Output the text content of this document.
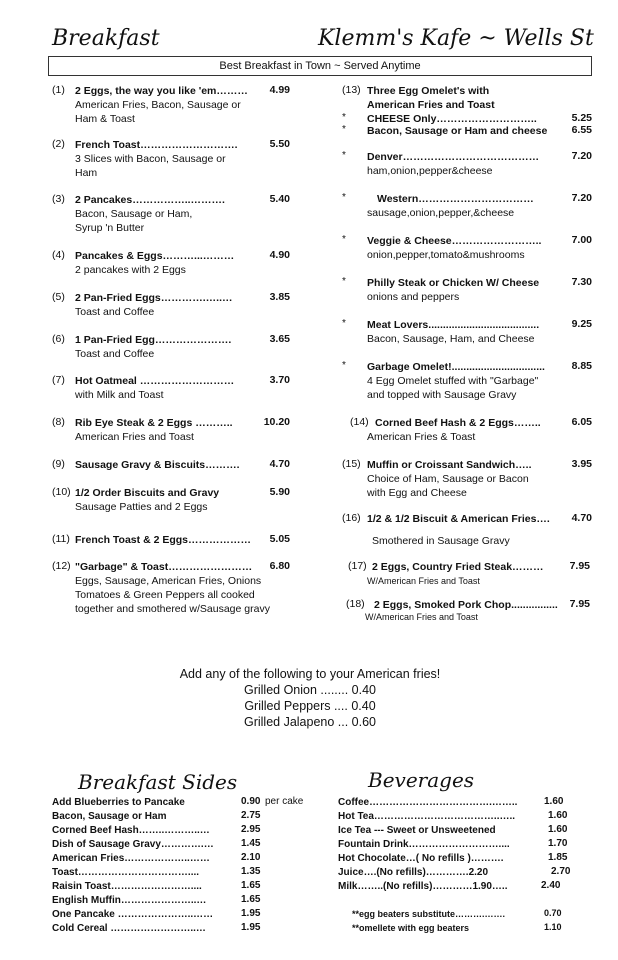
Breakfast	Klemm's Kafe ~ Wells St
Best Breakfast in Town ~ Served Anytime
(1) 2 Eggs, the way you like 'em………
American Fries, Bacon, Sausage or
Ham & Toast
4.99
(2) French Toast……………………….
3 Slices with Bacon, Sausage or
Ham
5.50
(3) 2 Pancakes……………..……….
Bacon, Sausage or Ham,
Syrup 'n Butter
5.40
(4) Pancakes & Eggs………...………
2 pancakes with 2 Eggs
4.90
(5) 2 Pan-Fried Eggs………….…..…
Toast and Coffee
3.85
(6) 1 Pan-Fried Egg………………….
Toast and Coffee
3.65
(7) Hot Oatmeal ………………………
with Milk and Toast
3.70
(8) Rib Eye Steak & 2 Eggs ………..
American Fries and Toast
10.20
(9) Sausage Gravy & Biscuits……….	4.70
(10) 1/2 Order Biscuits and Gravy
Sausage Patties and 2 Eggs
5.90
(11) French Toast & 2 Eggs………………	5.05
(12) "Garbage" & Toast……………………
Eggs, Sausage, American Fries, Onions
Tomatoes & Green Peppers all cooked
together and smothered w/Sausage gravy
6.80
(13) Three Egg Omelet's with
American Fries and Toast
* CHEESE Only………………………..	5.25
* Bacon, Sausage or Ham and cheese	6.55
* Denver…………………………………
ham,onion,pepper&cheese
7.20
*	Western……………………………
sausage,onion,pepper,&cheese
7.20
* Veggie & Cheese……………………..
onion,pepper,tomato&mushrooms
7.00
* Philly Steak or Chicken W/ Cheese
onions and peppers
7.30
* Meat Lovers......................................
Bacon, Sausage, Ham, and Cheese
9.25
* Garbage Omelet!................................
4 Egg Omelet stuffed with "Garbage"
and topped with Sausage Gravy
8.85
(14) Corned Beef Hash & 2 Eggs……..
American Fries & Toast
6.05
(15) Muffin or Croissant Sandwich…..
Choice of Ham, Sausage or Bacon
with Egg and Cheese
3.95
(16) 1/2 & 1/2 Biscuit & American Fries….
Smothered in Sausage Gravy
4.70
(17) 2 Eggs, Country Fried Steak………
W/American Fries and Toast
7.95
(18) 2 Eggs, Smoked Pork Chop................
W/American Fries and Toast
7.95
Add any of the following to your American fries!
Grilled Onion ........ 0.40
Grilled Peppers .... 0.40
Grilled Jalapeno ... 0.60
Breakfast Sides
Add Blueberries to Pancake	0.90 per cake
Bacon, Sausage or Ham	2.75
Corned Beef Hash……..………..…	2.95
Dish of Sausage Gravy………….…	1.45
American Fries………………..……	2.10
Toast……………………………....	1.35
Raisin Toast……………………....	1.65
English Muffin…………………..…	1.65
One Pancake …………………..……	1.95
Cold Cereal ……………………..…	1.95
Beverages
Coffee……………………………….……..	1.60
Hot Tea………………………………..…..	1.60
Ice Tea --- Sweet or Unsweetened	1.60
Fountain Drink………………………....	1.70
Hot Chocolate…( No refills )……….	1.85
Juice….(No refills)………….2.20	2.70
Milk……..(No refills)…………1.90…..	2.40
**egg beaters substitute……….…….	0.70
**omellete with egg beaters	1.10
